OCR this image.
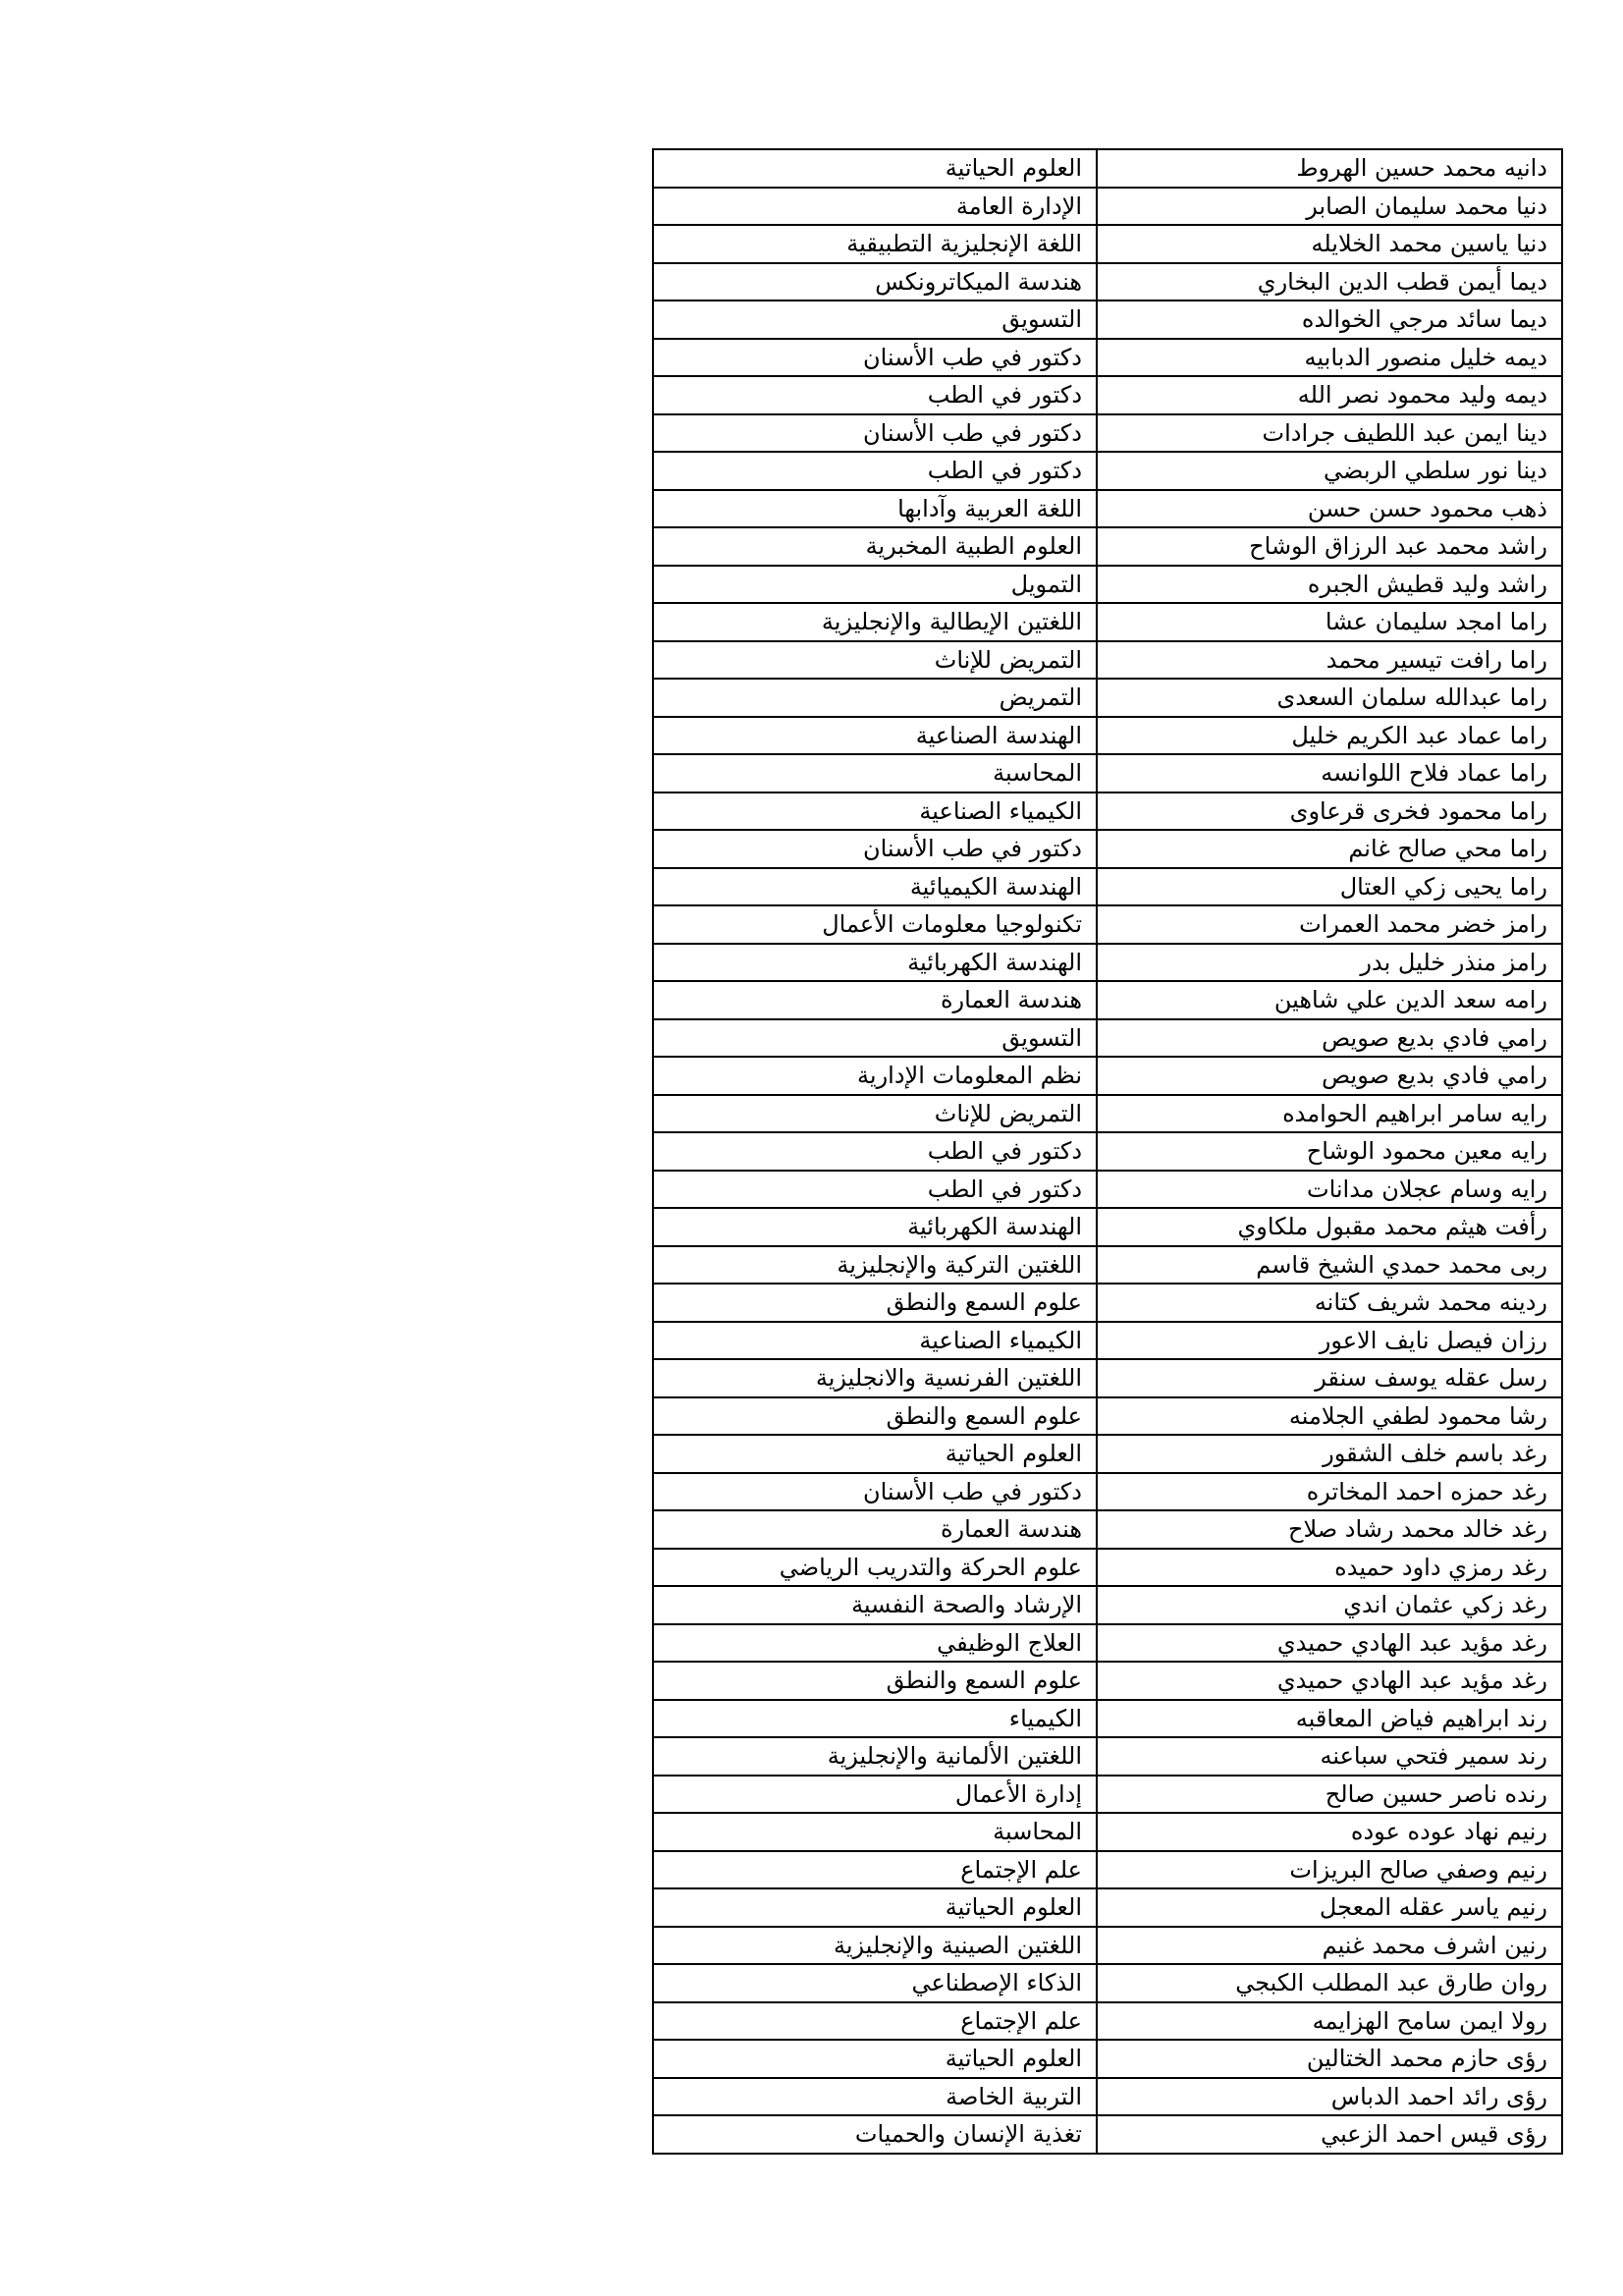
دانيه محمد حسين الهروط	العلوم الحياتية
دنيا محمد سليمان الصابر	الإدارة العامة
دنيا ياسين محمد الخلايله	اللغة الإنجليزية التطبيقية
ديما أيمن قطب الدين البخاري	هندسة الميكاترونكس
ديما سائد مرجي الخوالده	التسويق
ديمه خليل منصور الدبابيه	دكتور في طب الأسنان
ديمه وليد محمود نصر الله	دكتور في الطب
دينا ايمن عبد اللطيف جرادات	دكتور في طب الأسنان
دينا نور سلطي الربضي	دكتور في الطب
ذهب محمود حسن حسن	اللغة العربية وآدابها
راشد محمد عبد الرزاق الوشاح	العلوم الطبية المخبرية
راشد وليد قطيش الجبره	التمويل
راما امجد سليمان عشا	اللغتين الإيطالية والإنجليزية
راما رافت تيسير محمد	التمريض للإناث
راما عبدالله سلمان السعدى	التمريض
راما عماد عبد الكريم خليل	الهندسة الصناعية
راما عماد فلاح اللوانسه	المحاسبة
راما محمود فخرى قرعاوى	الكيمياء الصناعية
راما محي صالح غانم	دكتور في طب الأسنان
راما يحيى زكي العتال	الهندسة الكيميائية
رامز خضر محمد العمرات	تكنولوجيا معلومات الأعمال
رامز منذر خليل بدر	الهندسة الكهربائية
رامه سعد الدين علي شاهين	هندسة العمارة
رامي فادي بديع صويص	التسويق
رامي فادي بديع صويص	نظم المعلومات الإدارية
رايه سامر ابراهيم الحوامده	التمريض للإناث
رايه معين محمود الوشاح	دكتور في الطب
رايه وسام عجلان مدانات	دكتور في الطب
رأفت هيثم محمد مقبول ملكاوي	الهندسة الكهربائية
ربى محمد حمدي الشيخ قاسم	اللغتين التركية والإنجليزية
ردينه محمد شريف كتانه	علوم السمع والنطق
رزان فيصل نايف الاعور	الكيمياء الصناعية
رسل عقله يوسف سنقر	اللغتين الفرنسية والانجليزية
رشا محمود لطفي الجلامنه	علوم السمع والنطق
رغد باسم خلف الشقور	العلوم الحياتية
رغد حمزه احمد المخاتره	دكتور في طب الأسنان
رغد خالد محمد رشاد صلاح	هندسة العمارة
رغد رمزي داود حميده	علوم الحركة والتدريب الرياضي
رغد زكي عثمان اندي	الإرشاد والصحة النفسية
رغد مؤيد عبد الهادي حميدي	العلاج الوظيفي
رغد مؤيد عبد الهادي حميدي	علوم السمع والنطق
رند ابراهيم فياض المعاقبه	الكيمياء
رند سمير فتحي سباعنه	اللغتين الألمانية والإنجليزية
رنده ناصر حسين صالح	إدارة الأعمال
رنيم نهاد عوده عوده	المحاسبة
رنيم وصفي صالح البريزات	علم الإجتماع
رنيم ياسر عقله المعجل	العلوم الحياتية
رنين اشرف محمد غنيم	اللغتين الصينية والإنجليزية
روان طارق عبد المطلب الكبجي	الذكاء الإصطناعي
رولا ايمن سامح الهزايمه	علم الإجتماع
رؤى حازم محمد الختالين	العلوم الحياتية
رؤى رائد احمد الدباس	التربية الخاصة
رؤى قيس احمد الزعبي	تغذية الإنسان والحميات
